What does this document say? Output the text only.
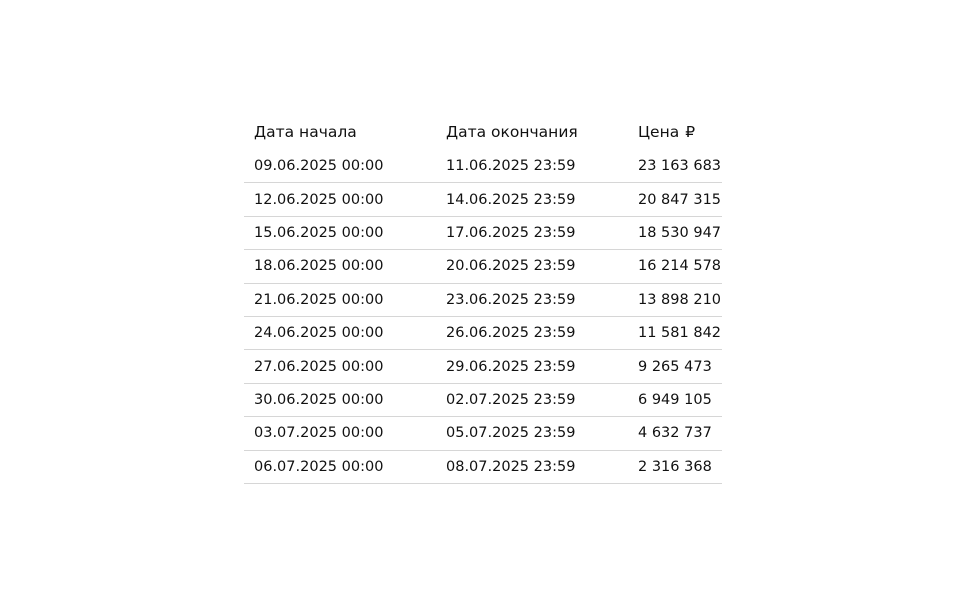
Дата начала	Дата окончания	Цена ₽
09.06.2025 00:00	11.06.2025 23:59	23 163 683
12.06.2025 00:00	14.06.2025 23:59	20 847 315
15.06.2025 00:00	17.06.2025 23:59	18 530 947
18.06.2025 00:00	20.06.2025 23:59	16 214 578
21.06.2025 00:00	23.06.2025 23:59	13 898 210
24.06.2025 00:00	26.06.2025 23:59	11 581 842
27.06.2025 00:00	29.06.2025 23:59	9 265 473
30.06.2025 00:00	02.07.2025 23:59	6 949 105
03.07.2025 00:00	05.07.2025 23:59	4 632 737
06.07.2025 00:00	08.07.2025 23:59	2 316 368
